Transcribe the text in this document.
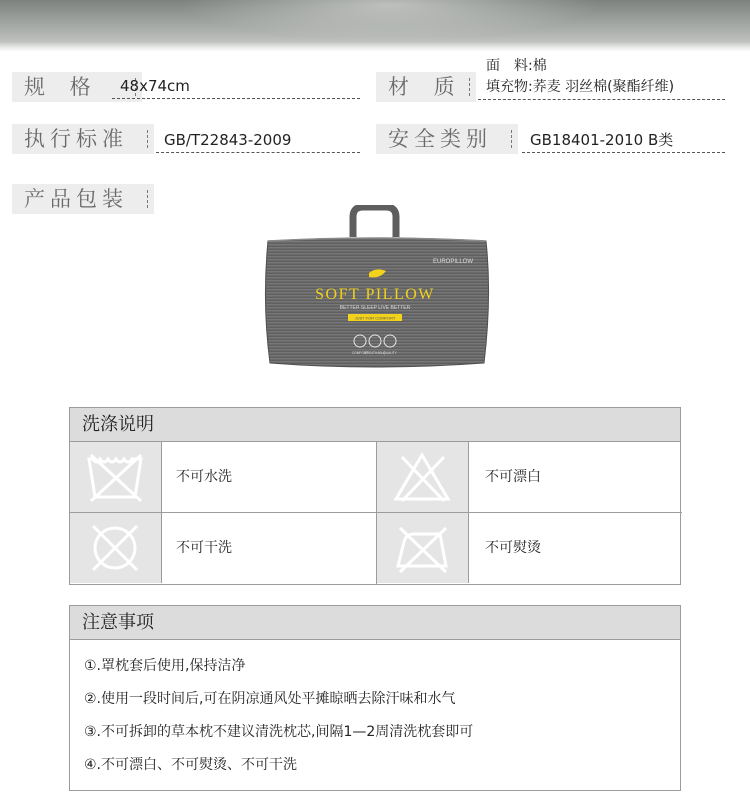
规 格	48x74cm	材 质
面　料:棉
填充物:荞麦 羽丝棉(聚酯纤维)
执行标准	GB/T22843-2009	安全类别	GB18401-2010 B类
产品包装
EUROPILLOW
SOFT PILLOW
BETTER SLEEP LIVE BETTER
JUST FOR COMFORT
COMFORT
BREATHABLE
QUALITY
洗涤说明
不可水洗	不可漂白
不可干洗	不可熨烫
注意事项
①.罩枕套后使用,保持洁净
②.使用一段时间后,可在阴凉通风处平摊晾晒去除汗味和水气
③.不可拆卸的草本枕不建议清洗枕芯,间隔1—2周清洗枕套即可
④.不可漂白、不可熨烫、不可干洗
